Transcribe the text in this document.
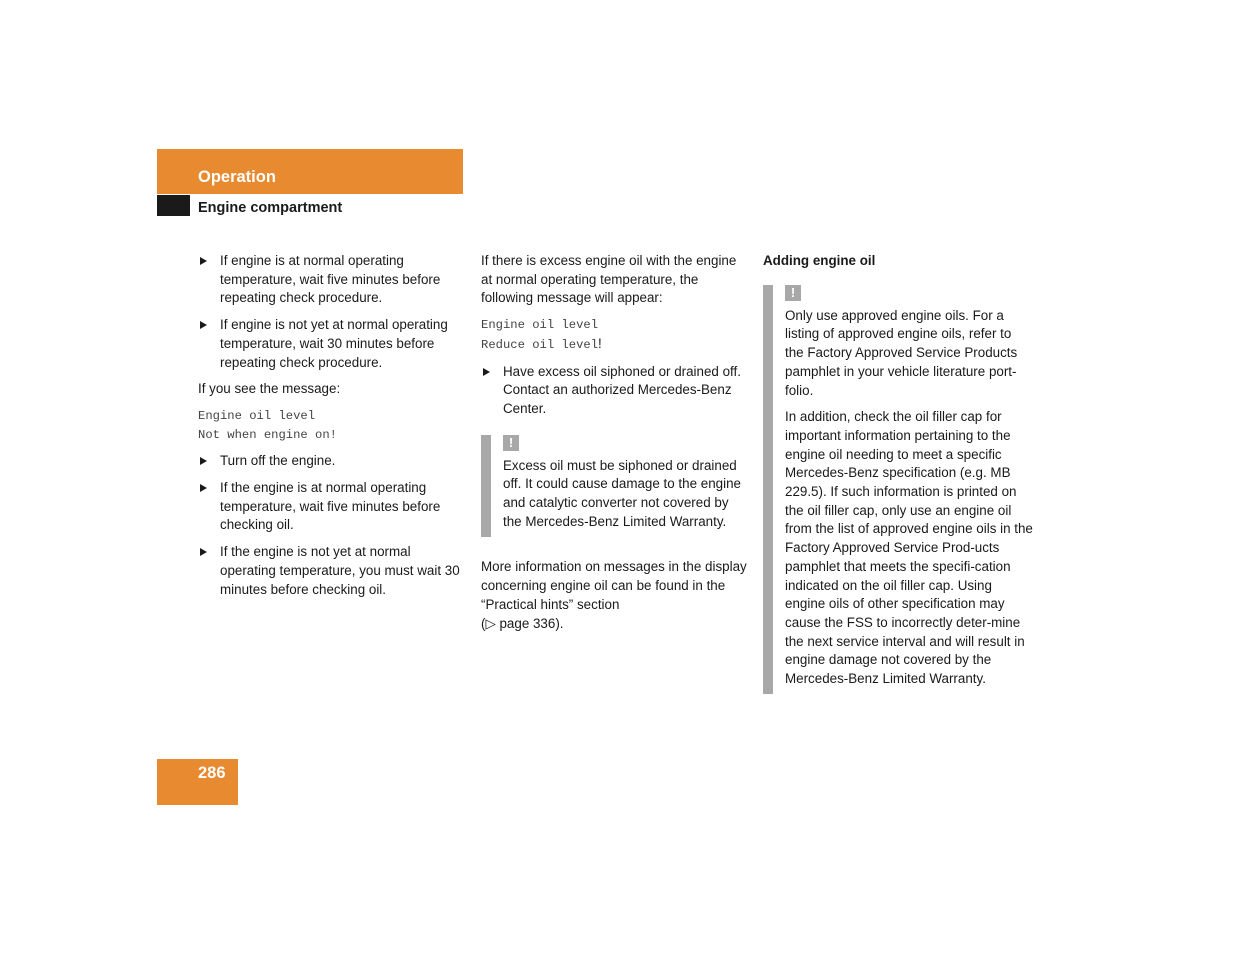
Operation
Engine compartment

If engine is at normal operating temperature, wait five minutes before repeating check procedure.

If engine is not yet at normal operating temperature, wait 30 minutes before repeating check procedure.

If you see the message:

Engine oil level

Not when engine on!

Turn off the engine.

If the engine is at normal operating temperature, wait five minutes before checking oil.

If the engine is not yet at normal operating temperature, you must wait 30 minutes before checking oil.

If there is excess engine oil with the engine at normal operating temperature, the following message will appear:

Engine oil level

Reduce oil level!

Have excess oil siphoned or drained off. Contact an authorized Mercedes-Benz Center.

!

Excess oil must be siphoned or drained off. It could cause damage to the engine and catalytic converter not covered by the Mercedes-Benz Limited Warranty.

More information on messages in the display concerning engine oil can be found in the “Practical hints” section

(▷ page 336).

Adding engine oil

!

Only use approved engine oils. For a listing of approved engine oils, refer to the Factory Approved Service Products pamphlet in your vehicle literature port-folio.

In addition, check the oil filler cap for important information pertaining to the engine oil needing to meet a specific Mercedes-Benz specification (e.g. MB 229.5). If such information is printed on the oil filler cap, only use an engine oil from the list of approved engine oils in the Factory Approved Service Prod-ucts pamphlet that meets the specifi-cation indicated on the oil filler cap. Using engine oils of other specification may cause the FSS to incorrectly deter-mine the next service interval and will result in engine damage not covered by the Mercedes-Benz Limited Warranty.

286
